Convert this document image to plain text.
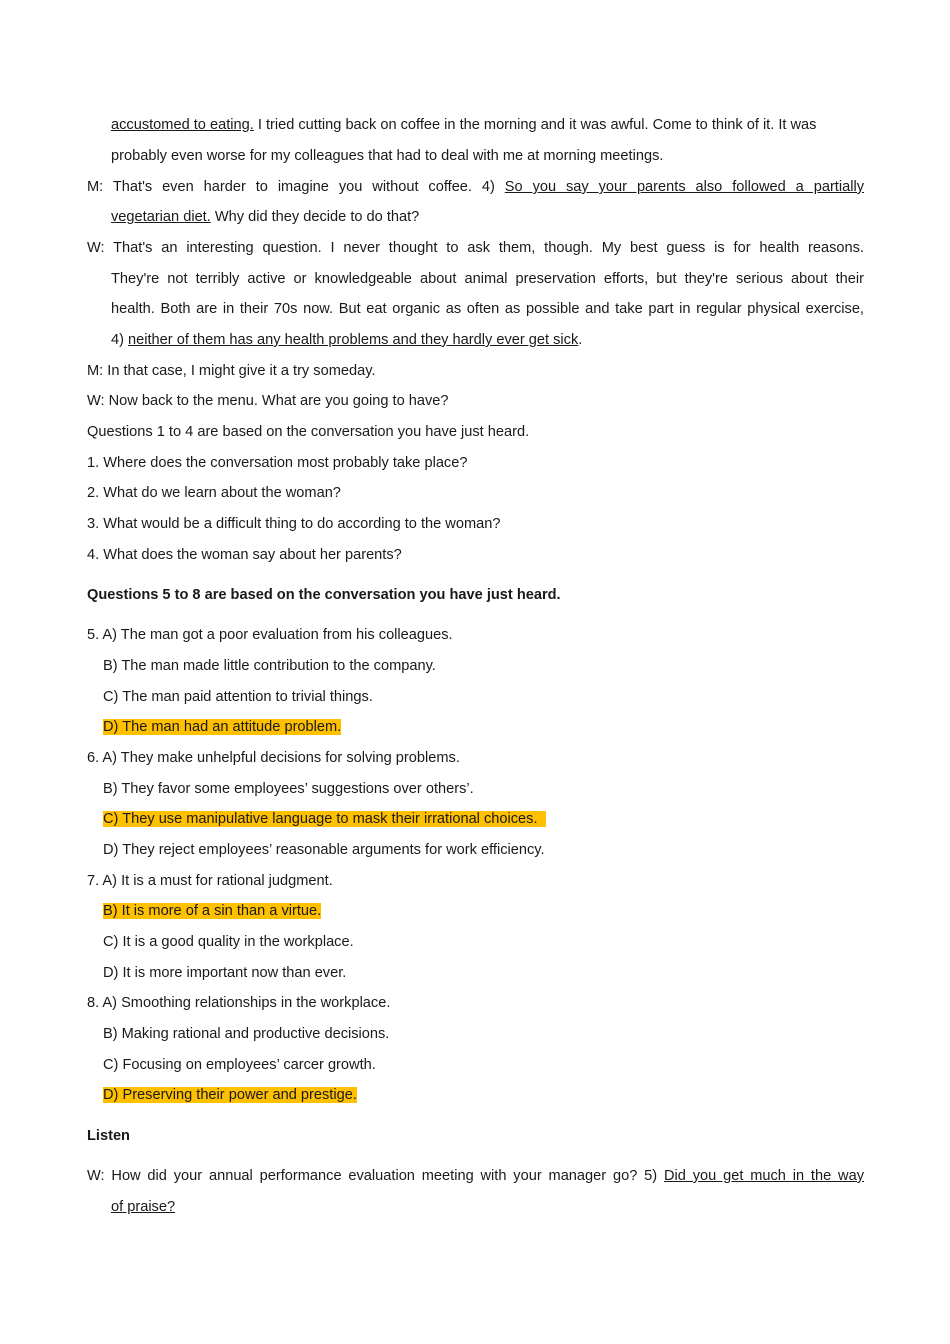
accustomed to eating. I tried cutting back on coffee in the morning and it was awful. Come to think of it. It was
probably even worse for my colleagues that had to deal with me at morning meetings.
M: That's even harder to imagine you without coffee. 4) So you say your parents also followed a partially
vegetarian diet. Why did they decide to do that?
W: That's an interesting question. I never thought to ask them, though. My best guess is for health reasons.
They're not terribly active or knowledgeable about animal preservation efforts, but they're serious about their
health. Both are in their 70s now. But eat organic as often as possible and take part in regular physical exercise,
4) neither of them has any health problems and they hardly ever get sick.
M: In that case, I might give it a try someday.
W: Now back to the menu. What are you going to have?
Questions 1 to 4 are based on the conversation you have just heard.
1. Where does the conversation most probably take place?
2. What do we learn about the woman?
3. What would be a difficult thing to do according to the woman?
4. What does the woman say about her parents?
Questions 5 to 8 are based on the conversation you have just heard.
5. A) The man got a poor evaluation from his colleagues.
B) The man made little contribution to the company.
C) The man paid attention to trivial things.
D) The man had an attitude problem.
6. A) They make unhelpful decisions for solving problems.
B) They favor some employees’ suggestions over others’.
C) They use manipulative language to mask their irrational choices.
D) They reject employees’ reasonable arguments for work efficiency.
7. A) It is a must for rational judgment.
B) It is more of a sin than a virtue.
C) It is a good quality in the workplace.
D) It is more important now than ever.
8. A) Smoothing relationships in the workplace.
B) Making rational and productive decisions.
C) Focusing on employees’ carcer growth.
D) Preserving their power and prestige.
Listen
W: How did your annual performance evaluation meeting with your manager go? 5) Did you get much in the way
of praise?
